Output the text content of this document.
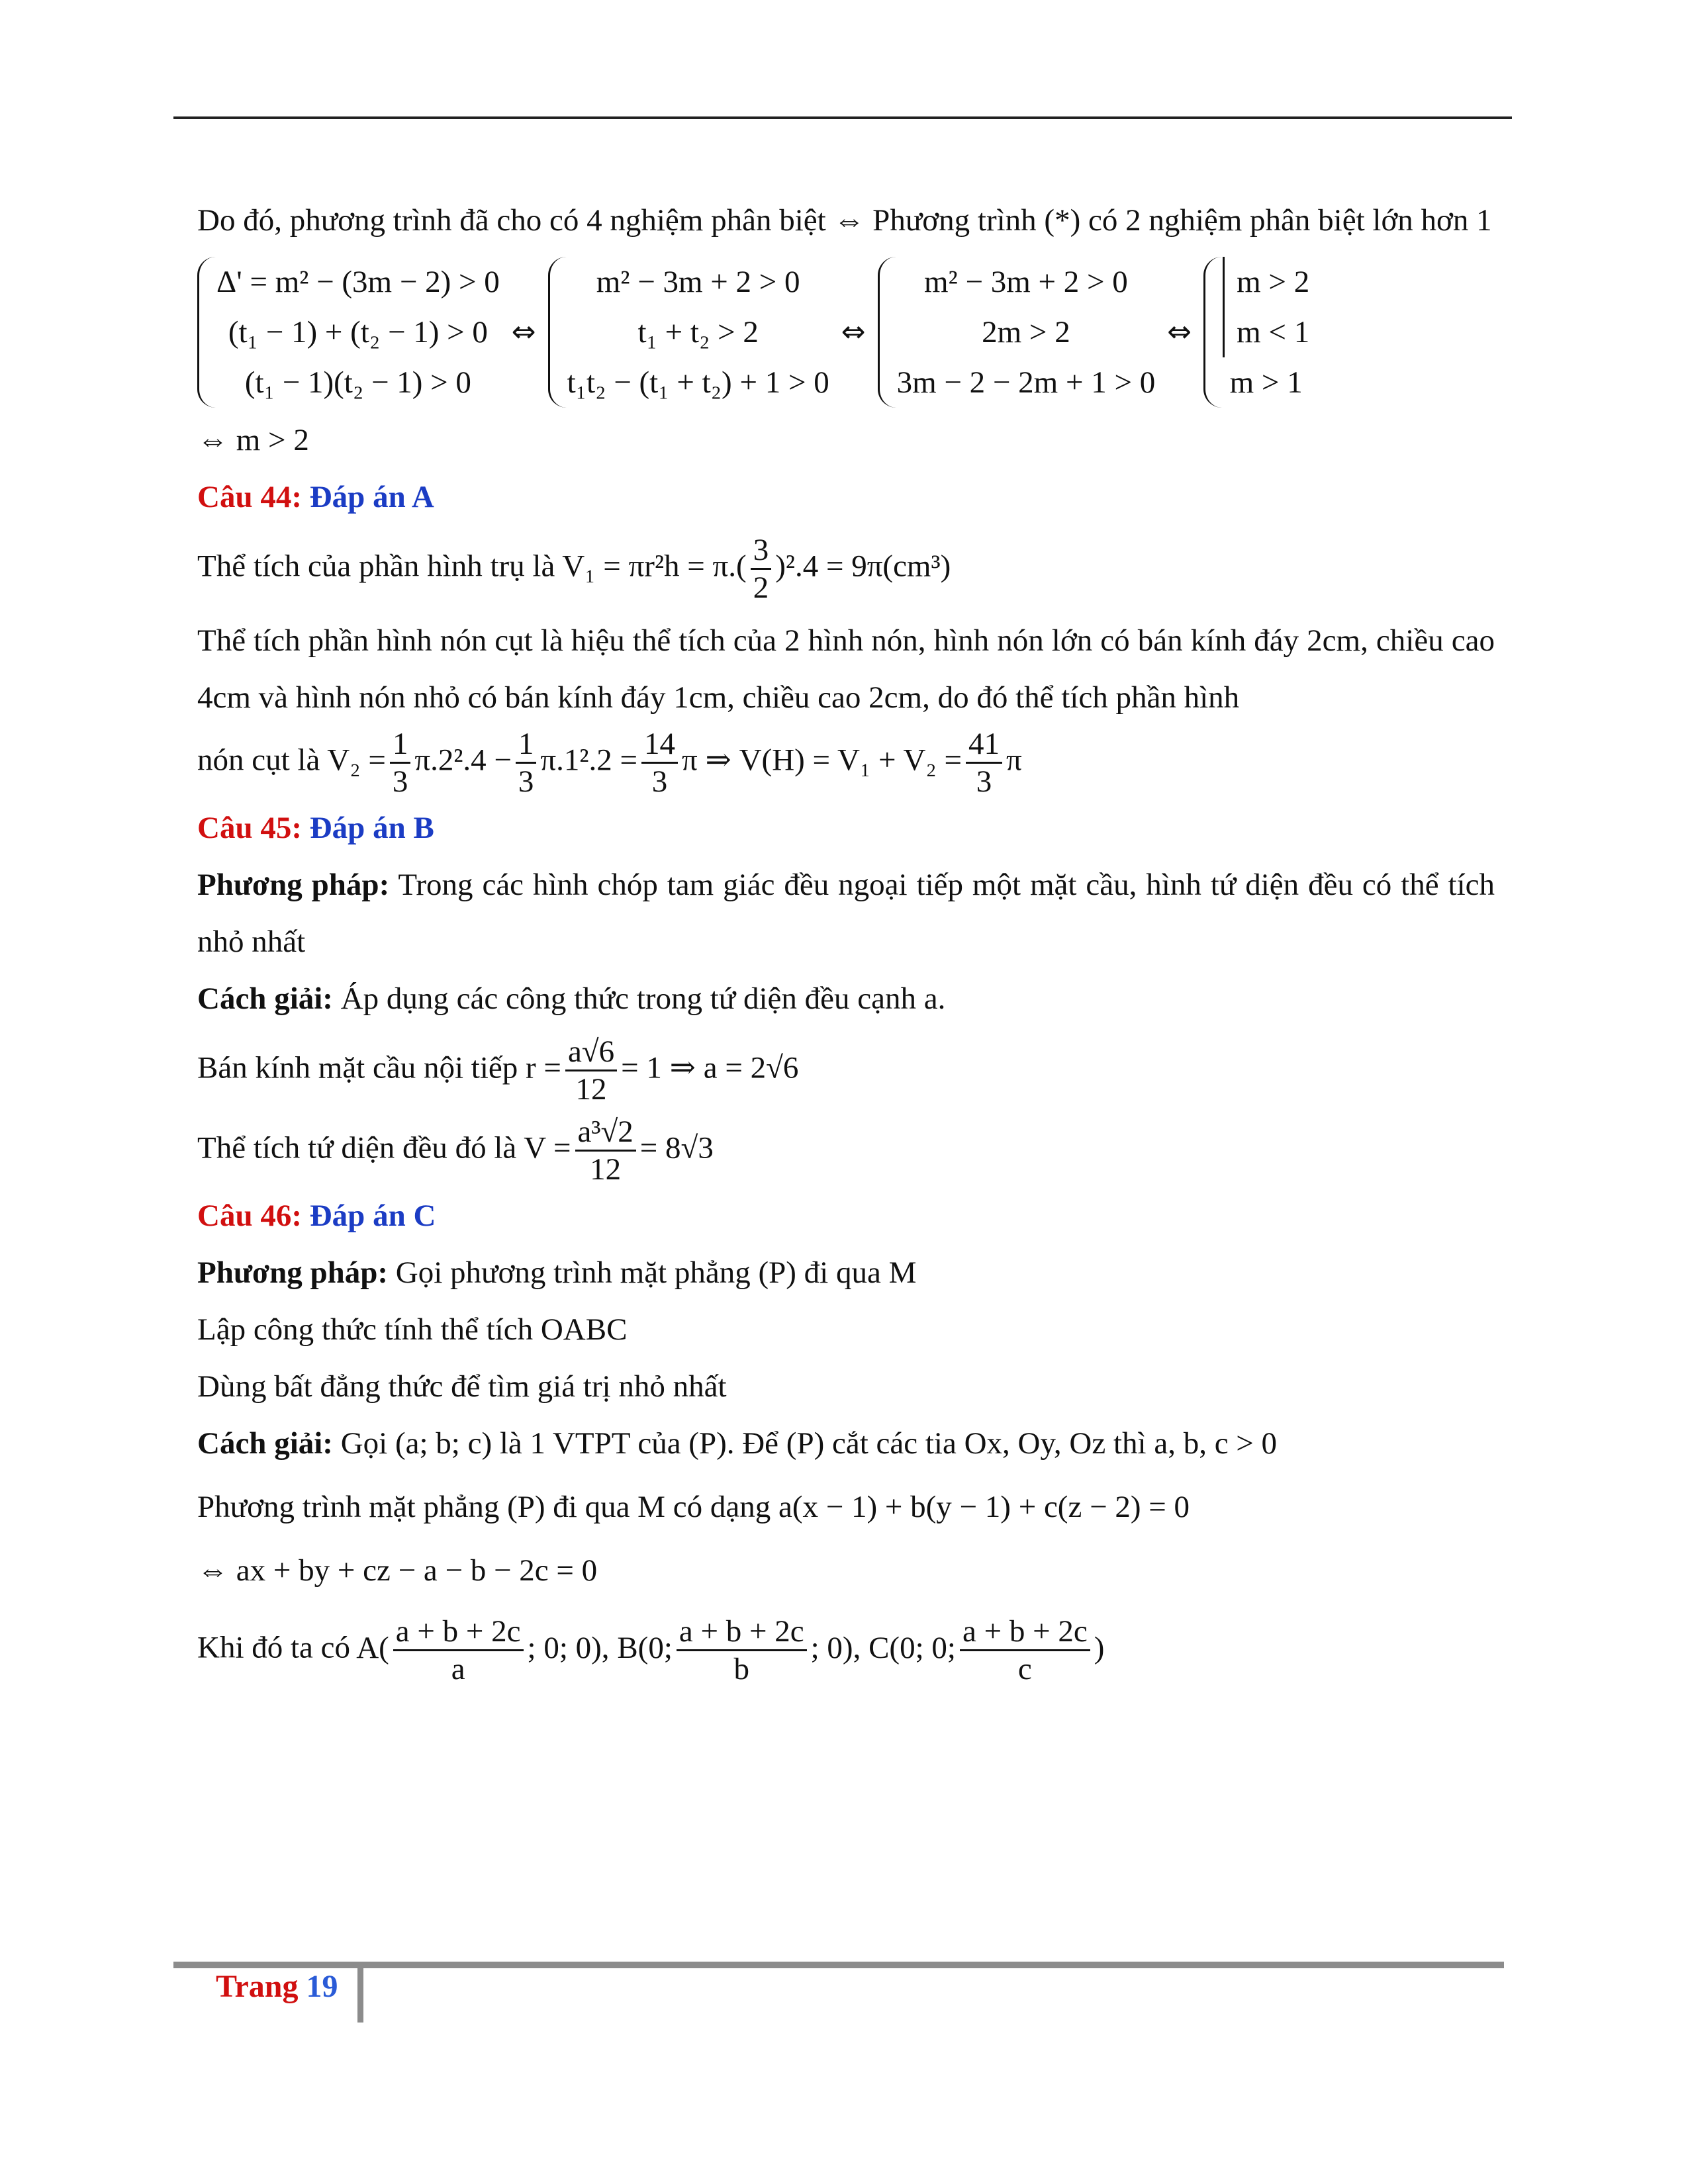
Do đó, phương trình đã cho có 4 nghiệm phân biệt ⇔ Phương trình (*) có 2 nghiệm phân biệt lớn hơn 1

Δ' = m² − (3m − 2) > 0
(t₁ − 1) + (t₂ − 1) > 0
(t₁ − 1)(t₂ − 1) > 0
⇔
m² − 3m + 2 > 0
t₁ + t₂ > 2
t₁t₂ − (t₁ + t₂) + 1 > 0
⇔
m² − 3m + 2 > 0
2m > 2
3m − 2 − 2m + 1 > 0
⇔
m > 2
m < 1
m > 1

⇔ m > 2

Câu 44: Đáp án A

Thể tích của phần hình trụ là $V_1 = \pi r^2h = \pi.( \frac{3}{2} )^2.4 = 9\pi(cm^3)$

Thể tích phần hình nón cụt là hiệu thể tích của 2 hình nón, hình nón lớn có bán kính đáy 2cm, chiều cao 4cm và hình nón nhỏ có bán kính đáy 1cm, chiều cao 2cm, do đó thể tích phần hình

nón cụt là $V_2 = \frac{1}{3} \pi.2^2.4 - \frac{1}{3} \pi.1^2.2 = \frac{14}{3}$ π ⇒ $V(H) = V_1 + V_2 = \frac{41}{3}$ π

Câu 45: Đáp án B

Phương pháp: Trong các hình chóp tam giác đều ngoại tiếp một mặt cầu, hình tứ diện đều có thể tích nhỏ nhất

Cách giải: Áp dụng các công thức trong tứ diện đều cạnh a.

Bán kính mặt cầu nội tiếp $r = \frac{a√6}{12} = 1$ ⇒ a = 2√6

Thể tích tứ diện đều đó là $V = \frac{\text{a³√2}}{12} = 8√3$

Câu 46: Đáp án C

Phương pháp: Gọi phương trình mặt phẳng (P) đi qua M

Lập công thức tính thể tích OABC

Dùng bất đẳng thức để tìm giá trị nhỏ nhất

Cách giải: Gọi (a; b; c) là 1 VTPT của (P). Để (P) cắt các tia Ox, Oy, Oz thì a, b, c > 0

Phương trình mặt phẳng (P) đi qua M có dạng a(x − 1) + b(y − 1) + c(z − 2) = 0

⇔ ax + by + cz − a − b − 2c = 0

Khi đó ta có $A( \frac{a + b + 2c}{a}$ ; 0; 0), B(0; $\frac{a + b + 2c}{b}$ ; 0), C(0; 0; $\frac{a + b + 2c}{c}$ )

Trang 19
